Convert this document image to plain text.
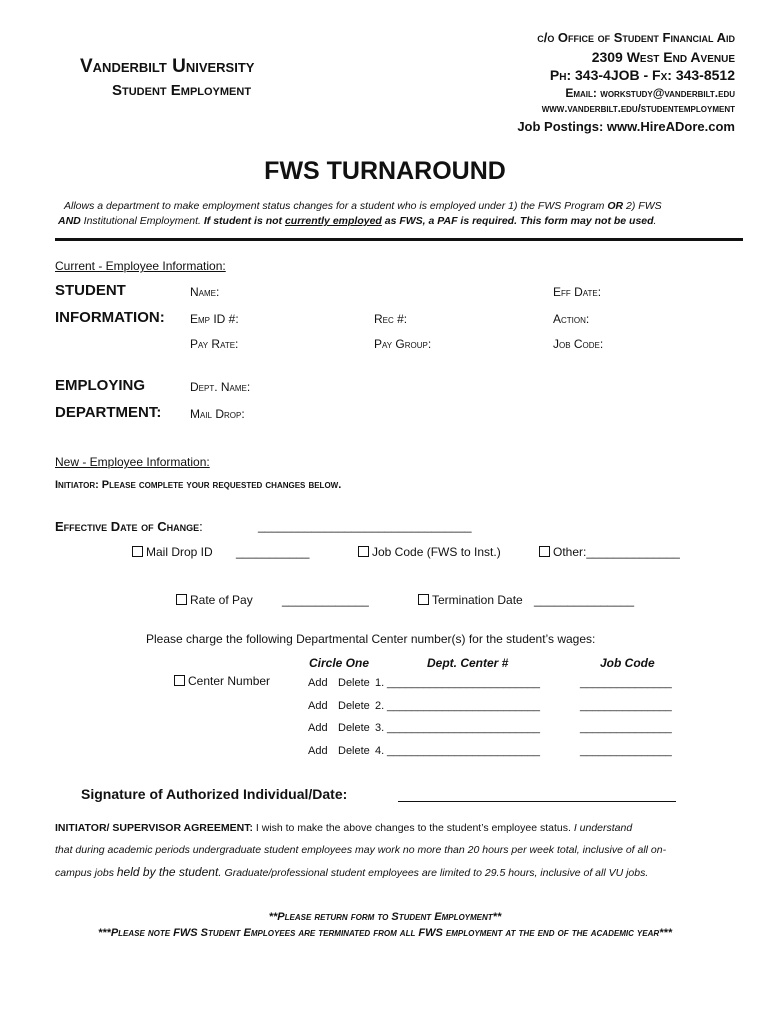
Vanderbilt University
Student Employment
c/o Office of Student Financial Aid
2309 West End Avenue
Ph: 343-4JOB - Fx: 343-8512
Email: workstudy@vanderbilt.edu
www.vanderbilt.edu/studentemployment
Job Postings: www.HireADore.com
FWS TURNAROUND
Allows a department to make employment status changes for a student who is employed under 1) the FWS Program OR 2) FWS
AND Institutional Employment. If student is not currently employed as FWS, a PAF is required. This form may not be used.
Current - Employee Information:
STUDENT
INFORMATION:
Name:	Eff Date:
Emp ID #:	Rec #:	Action:
Pay Rate:	Pay Group:	Job Code:
EMPLOYING
DEPARTMENT:
Dept. Name:
Mail Drop:
New - Employee Information:
Initiator: Please complete your requested changes below.
Effective Date of Change:	________________________________
Mail Drop ID ___________	Job Code (FWS to Inst.)	Other:______________
Rate of Pay _____________	Termination Date _______________
Please charge the following Departmental Center number(s) for the student’s wages:
Circle One	Dept. Center #	Job Code
Center Number	Add Delete 1. _________________________	_______________
Add Delete 2. _________________________	_______________
Add Delete 3. _________________________	_______________
Add Delete 4. _________________________	_______________
Signature of Authorized Individual/Date:
INITIATOR/ SUPERVISOR AGREEMENT: I wish to make the above changes to the student’s employee status. I understand
that during academic periods undergraduate student employees may work no more than 20 hours per week total, inclusive of all on-
campus jobs held by the student. Graduate/professional student employees are limited to 29.5 hours, inclusive of all VU jobs.
**Please return form to Student Employment**
***Please note FWS Student Employees are terminated from all FWS employment at the end of the academic year***
